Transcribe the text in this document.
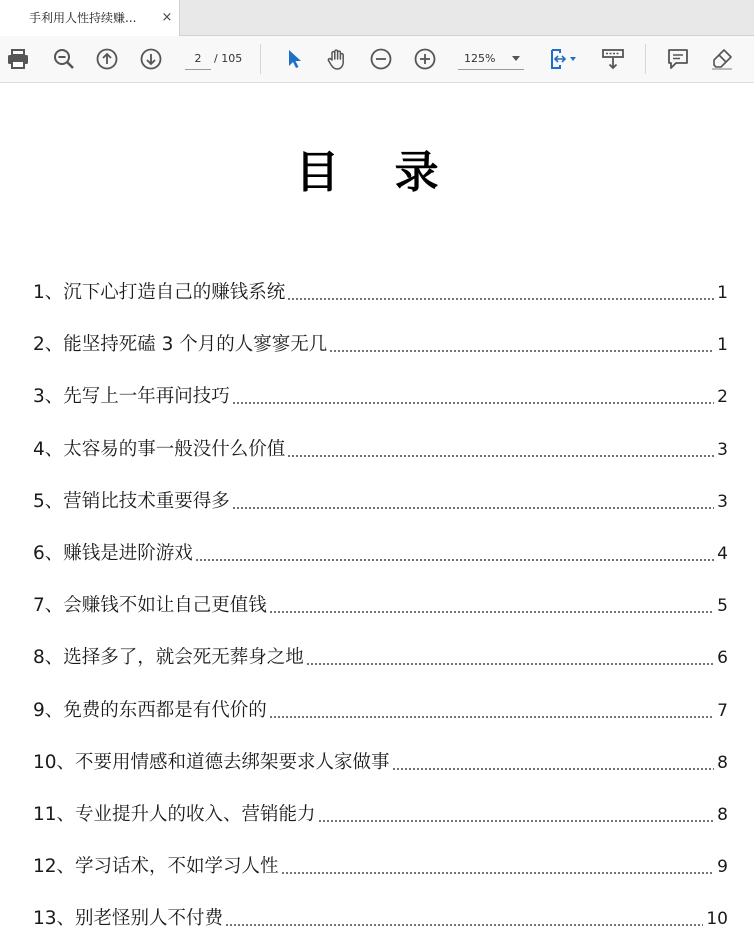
手利用人性持续赚...	×
2
/ 105	125%
目 录
1、沉下心打造自己的赚钱系统	1
2、能坚持死磕 3 个月的人寥寥无几	1
3、先写上一年再问技巧	2
4、太容易的事一般没什么价值	3
5、营销比技术重要得多	3
6、赚钱是进阶游戏	4
7、会赚钱不如让自己更值钱	5
8、选择多了，就会死无葬身之地	6
9、免费的东西都是有代价的	7
10、不要用情感和道德去绑架要求人家做事	8
11、专业提升人的收入、营销能力	8
12、学习话术，不如学习人性	9
13、别老怪别人不付费	10
